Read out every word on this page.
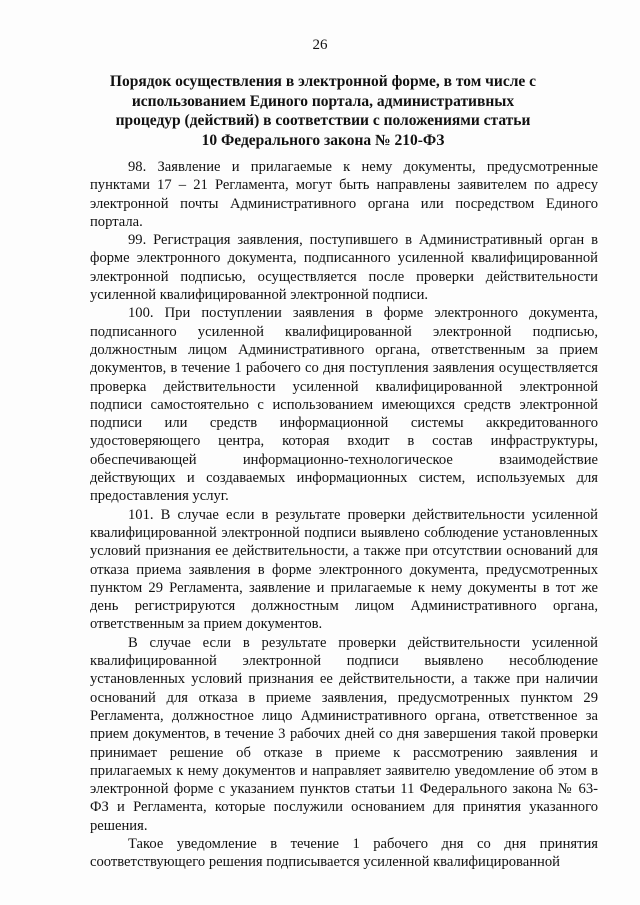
26
Порядок осуществления в электронной форме, в том числе с использованием Единого портала, административных процедур (действий) в соответствии с положениями статьи 10 Федерального закона № 210-ФЗ

98. Заявление и прилагаемые к нему документы, предусмотренные пунктами 17 – 21 Регламента, могут быть направлены заявителем по адресу электронной почты Административного органа или посредством Единого портала.

99. Регистрация заявления, поступившего в Административный орган в форме электронного документа, подписанного усиленной квалифицированной электронной подписью, осуществляется после проверки действительности усиленной квалифицированной электронной подписи.

100. При поступлении заявления в форме электронного документа, подписанного усиленной квалифицированной электронной подписью, должностным лицом Административного органа, ответственным за прием документов, в течение 1 рабочего со дня поступления заявления осуществляется проверка действительности усиленной квалифицированной электронной подписи самостоятельно с использованием имеющихся средств электронной подписи или средств информационной системы аккредитованного удостоверяющего центра, которая входит в состав инфраструктуры, обеспечивающей информационно-технологическое взаимодействие действующих и создаваемых информационных систем, используемых для предоставления услуг.

101. В случае если в результате проверки действительности усиленной квалифицированной электронной подписи выявлено соблюдение установленных условий признания ее действительности, а также при отсутствии оснований для отказа приема заявления в форме электронного документа, предусмотренных пунктом 29 Регламента, заявление и прилагаемые к нему документы в тот же день регистрируются должностным лицом Административного органа, ответственным за прием документов.

В случае если в результате проверки действительности усиленной квалифицированной электронной подписи выявлено несоблюдение установленных условий признания ее действительности, а также при наличии оснований для отказа в приеме заявления, предусмотренных пунктом 29 Регламента, должностное лицо Административного органа, ответственное за прием документов, в течение 3 рабочих дней со дня завершения такой проверки принимает решение об отказе в приеме к рассмотрению заявления и прилагаемых к нему документов и направляет заявителю уведомление об этом в электронной форме с указанием пунктов статьи 11 Федерального закона № 63-ФЗ и Регламента, которые послужили основанием для принятия указанного решения.

Такое уведомление в течение 1 рабочего дня со дня принятия соответствующего решения подписывается усиленной квалифицированной
